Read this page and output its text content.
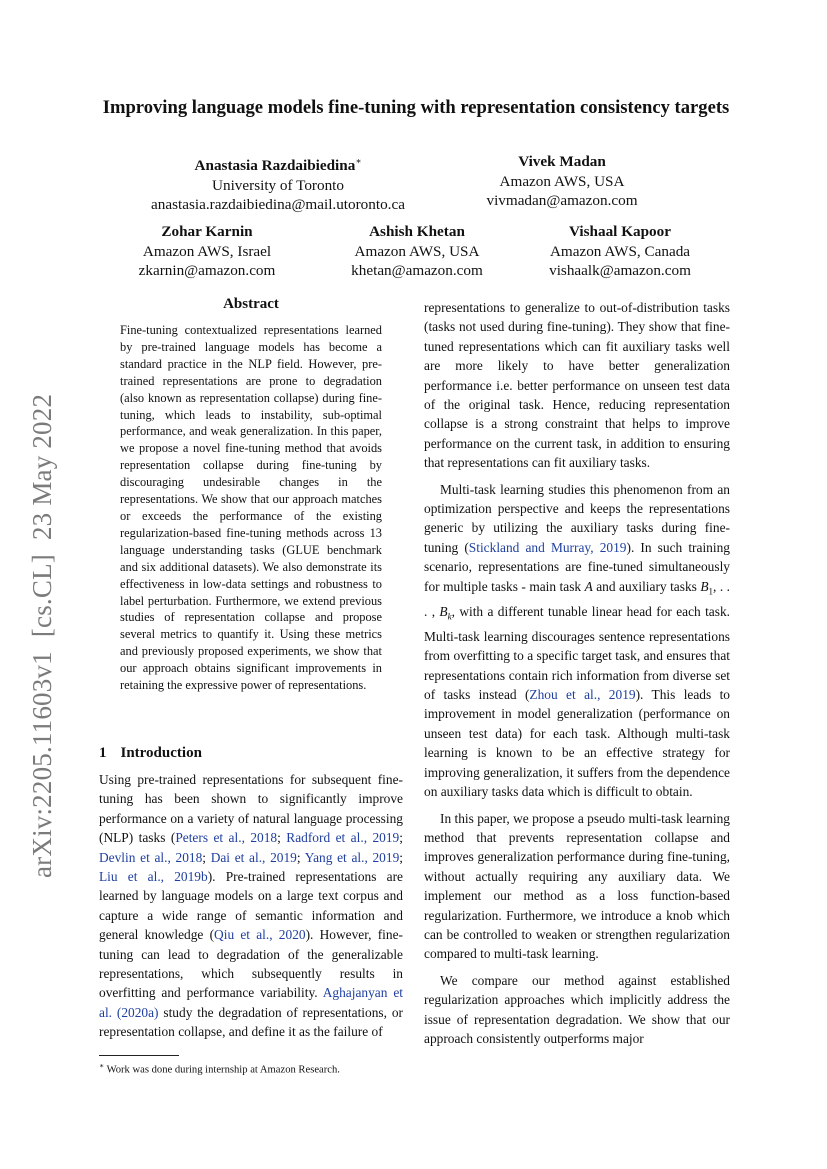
arXiv:2205.11603v1[cs.CL]23 May 2022
Improving language models fine-tuning with representation consistency targets
Anastasia Razdaibiedina∗
University of Toronto
anastasia.razdaibiedina@mail.utoronto.ca
Vivek Madan
Amazon AWS, USA
vivmadan@amazon.com
Zohar Karnin
Amazon AWS, Israel
zkarnin@amazon.com
Ashish Khetan
Amazon AWS, USA
khetan@amazon.com
Vishaal Kapoor
Amazon AWS, Canada
vishaalk@amazon.com
Abstract

Fine-tuning contextualized representations learned by pre-trained language models has become a standard practice in the NLP field. However, pre-trained representations are prone to degradation (also known as representation collapse) during fine-tuning, which leads to instability, sub-optimal performance, and weak generalization. In this paper, we propose a novel fine-tuning method that avoids representation collapse during fine-tuning by discouraging undesirable changes in the representations. We show that our approach matches or exceeds the performance of the existing regularization-based fine-tuning methods across 13 language understanding tasks (GLUE benchmark and six additional datasets). We also demonstrate its effectiveness in low-data settings and robustness to label perturbation. Furthermore, we extend previous studies of representation collapse and propose several metrics to quantify it. Using these metrics and previously proposed experiments, we show that our approach obtains significant improvements in retaining the expressive power of representations.

1 Introduction

Using pre-trained representations for subsequent fine-tuning has been shown to significantly improve performance on a variety of natural language processing (NLP) tasks (Peters et al., 2018; Radford et al., 2019; Devlin et al., 2018; Dai et al., 2019; Yang et al., 2019; Liu et al., 2019b). Pre-trained representations are learned by language models on a large text corpus and capture a wide range of semantic information and general knowledge (Qiu et al., 2020). However, fine-tuning can lead to degradation of the generalizable representations, which subsequently results in overfitting and performance variability. Aghajanyan et al. (2020a) study the degradation of representations, or representation collapse, and define it as the failure of

∗ Work was done during internship at Amazon Research.

representations to generalize to out-of-distribution tasks (tasks not used during fine-tuning). They show that fine-tuned representations which can fit auxiliary tasks well are more likely to have better generalization performance i.e. better performance on unseen test data of the original task. Hence, reducing representation collapse is a strong constraint that helps to improve performance on the current task, in addition to ensuring that representations can fit auxiliary tasks.

Multi-task learning studies this phenomenon from an optimization perspective and keeps the representations generic by utilizing the auxiliary tasks during fine-tuning (Stickland and Murray, 2019). In such training scenario, representations are fine-tuned simultaneously for multiple tasks - main task A and auxiliary tasks $B_1$, . . . , $B_k$, with a different tunable linear head for each task. Multi-task learning discourages sentence representations from overfitting to a specific target task, and ensures that representations contain rich information from diverse set of tasks instead (Zhou et al., 2019). This leads to improvement in model generalization (performance on unseen test data) for each task. Although multi-task learning is known to be an effective strategy for improving generalization, it suffers from the dependence on auxiliary tasks data which is difficult to obtain.

In this paper, we propose a pseudo multi-task learning method that prevents representation collapse and improves generalization performance during fine-tuning, without actually requiring any auxiliary data. We implement our method as a loss function-based regularization. Furthermore, we introduce a knob which can be controlled to weaken or strengthen regularization compared to multi-task learning.

We compare our method against established regularization approaches which implicitly address the issue of representation degradation. We show that our approach consistently outperforms major
